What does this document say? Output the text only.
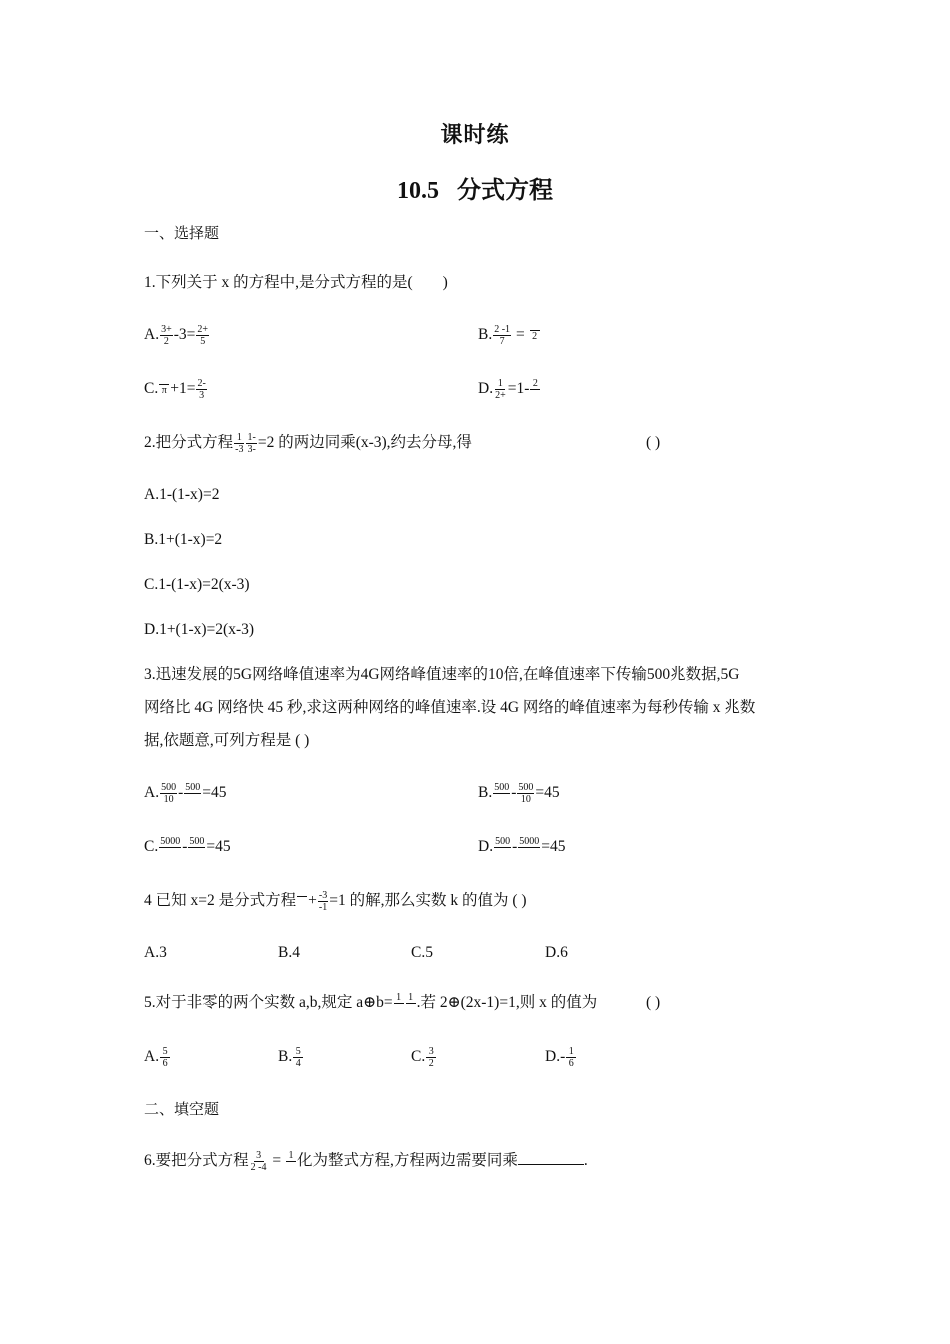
课时练
10.5 分式方程
一、选择题
1.下列关于 x 的方程中,是分式方程的是( )
A. $\frac{3+}{2} -3= \frac{2+}{5}$	B. $\frac{2 -1}{7} = 2$
C. $\pi +1= \frac{2-}{3}$	D. $\frac{1}{2+} =1-$ 2
2.把分式方程 $\frac{1}{-3} \frac{1-}{3-} =2$ 的两边同乘(x-3),约去分母,得	( )
A.1-(1-x)=2
B.1+(1-x)=2
C.1-(1-x)=2(x-3)
D.1+(1-x)=2(x-3)
3.迅速发展的5G网络峰值速率为4G网络峰值速率的10倍,在峰值速率下传输500兆数据,5G
网络比 4G 网络快 45 秒,求这两种网络的峰值速率.设 4G 网络的峰值速率为每秒传输 x 兆数
据,依题意,可列方程是 ( )
A. $\frac{500}{10} - 500 =45$	B. $500 - \frac{500}{10} =45$
C. 5000 - 500 =45	D. 500 - 5000 =45
4 已知 x=2 是分式方程 + $\frac{-3}{-1} =1$ 的解,那么实数 k 的值为 ( )
A.3	B.4	C.5	D.6
5.对于非零的两个实数 a,b,规定 a⊕b= 1 1 .若 2⊕(2x-1)=1,则 x 的值为	( )
A. $\frac{5}{6}$	B. $\frac{5}{4}$	C. $\frac{3}{2}$	$D.- \frac{1}{6}$
二、填空题
6.要把分式方程 $\frac{3}{2 -4} = 1$ 化为整式方程,方程两边需要同乘	.
